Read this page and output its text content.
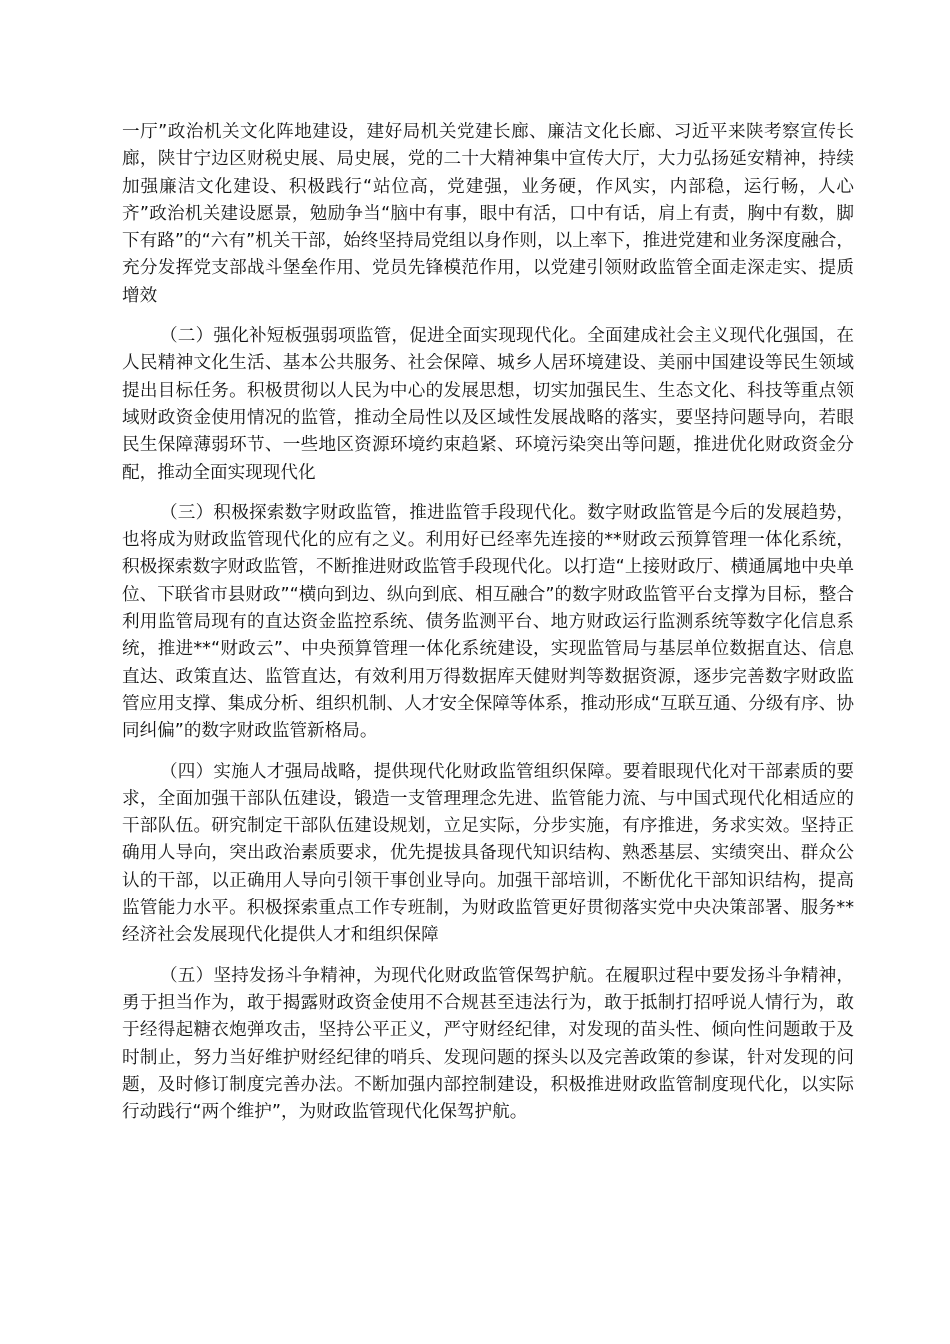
一厅”政治机关文化阵地建设，建好局机关党建长廊、廉洁文化长廊、习近平来陕考察宣传长廊，陕甘宁边区财税史展、局史展，党的二十大精神集中宣传大厅，大力弘扬延安精神，持续加强廉洁文化建设、积极践行“站位高，党建强，业务硬，作风实，内部稳，运行畅，人心齐”政治机关建设愿景，勉励争当“脑中有事，眼中有活，口中有话，肩上有责，胸中有数，脚下有路”的“六有”机关干部，始终坚持局党组以身作则，以上率下，推进党建和业务深度融合，充分发挥党支部战斗堡垒作用、党员先锋模范作用，以党建引领财政监管全面走深走实、提质增效

（二）强化补短板强弱项监管，促进全面实现现代化。全面建成社会主义现代化强国，在人民精神文化生活、基本公共服务、社会保障、城乡人居环境建设、美丽中国建设等民生领域提出目标任务。积极贯彻以人民为中心的发展思想，切实加强民生、生态文化、科技等重点领域财政资金使用情况的监管，推动全局性以及区域性发展战略的落实，要坚持问题导向，若眼民生保障薄弱环节、一些地区资源环境约束趋紧、环境污染突出等问题，推进优化财政资金分配，推动全面实现现代化

（三）积极探索数字财政监管，推进监管手段现代化。数字财政监管是今后的发展趋势，也将成为财政监管现代化的应有之义。利用好已经率先连接的**财政云预算管理一体化系统，积极探索数字财政监管，不断推进财政监管手段现代化。以打造“上接财政厅、横通属地中央单位、下联省市县财政”“横向到边、纵向到底、相互融合”的数字财政监管平台支撑为目标，整合利用监管局现有的直达资金监控系统、债务监测平台、地方财政运行监测系统等数字化信息系统，推进**“财政云”、中央预算管理一体化系统建设，实现监管局与基层单位数据直达、信息直达、政策直达、监管直达，有效利用万得数据库天健财判等数据资源，逐步完善数字财政监管应用支撑、集成分析、组织机制、人才安全保障等体系，推动形成“互联互通、分级有序、协同纠偏”的数字财政监管新格局。

（四）实施人才强局战略，提供现代化财政监管组织保障。要着眼现代化对干部素质的要求，全面加强干部队伍建设，锻造一支管理理念先进、监管能力流、与中国式现代化相适应的干部队伍。研究制定干部队伍建设规划，立足实际，分步实施，有序推进，务求实效。坚持正确用人导向，突出政治素质要求，优先提拔具备现代知识结构、熟悉基层、实绩突出、群众公认的干部，以正确用人导向引领干事创业导向。加强干部培训，不断优化干部知识结构，提高监管能力水平。积极探索重点工作专班制，为财政监管更好贯彻落实党中央决策部署、服务**经济社会发展现代化提供人才和组织保障

（五）坚持发扬斗争精神，为现代化财政监管保驾护航。在履职过程中要发扬斗争精神，勇于担当作为，敢于揭露财政资金使用不合规甚至违法行为，敢于抵制打招呼说人情行为，敢于经得起糖衣炮弹攻击，坚持公平正义，严守财经纪律，对发现的苗头性、倾向性问题敢于及时制止，努力当好维护财经纪律的哨兵、发现问题的探头以及完善政策的参谋，针对发现的问题，及时修订制度完善办法。不断加强内部控制建设，积极推进财政监管制度现代化，以实际行动践行“两个维护”，为财政监管现代化保驾护航。
